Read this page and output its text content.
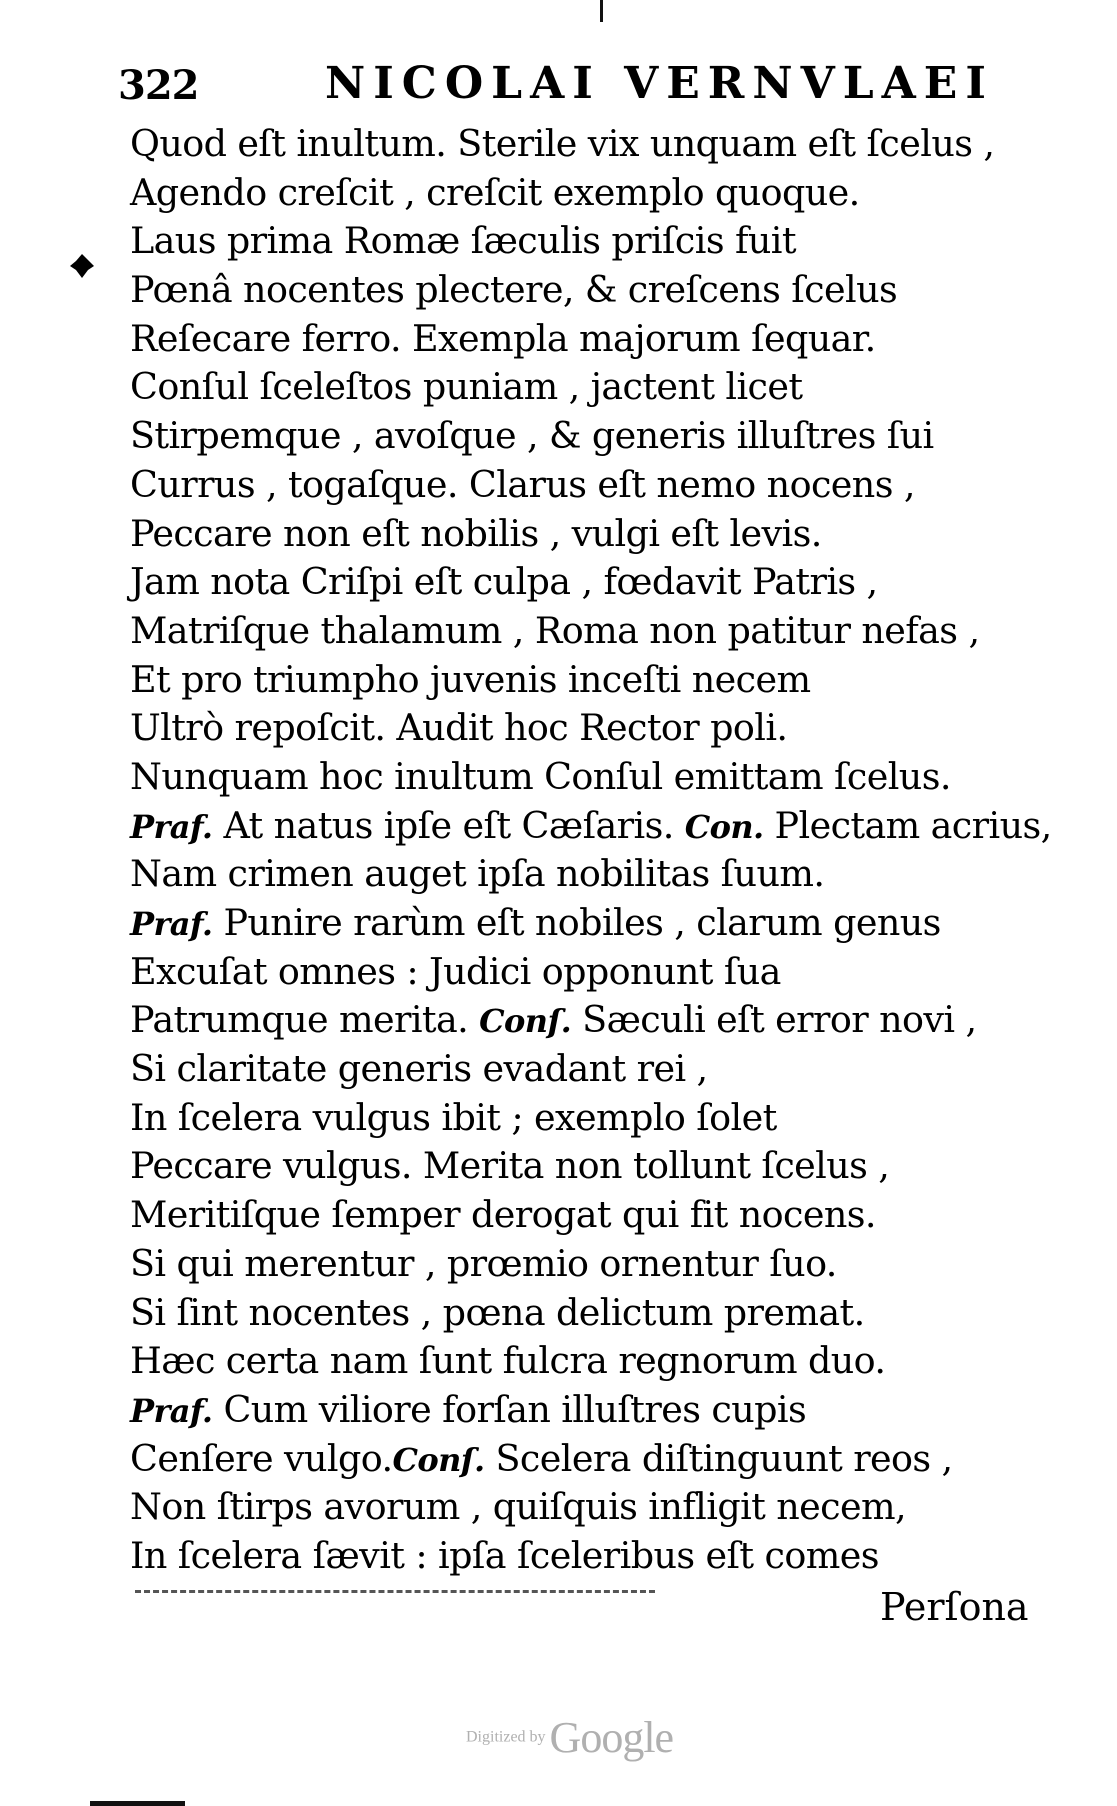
322	NICOLAI VERNVLAEI
Quod eſt inultum. Sterile vix unquam eſt ſcelus ,
Agendo creſcit , creſcit exemplo quoque.
Laus prima Romæ ſæculis priſcis fuit
Pœnâ nocentes plectere, & creſcens ſcelus
Reſecare ferro. Exempla majorum ſequar.
Conſul ſceleſtos puniam , jactent licet
Stirpemque , avoſque , & generis illuſtres ſui
Currus , togaſque. Clarus eſt nemo nocens ,
Peccare non eſt nobilis , vulgi eſt levis.
Jam nota Criſpi eſt culpa , fœdavit Patris ,
Matriſque thalamum , Roma non patitur nefas ,
Et pro triumpho juvenis inceſti necem
Ultrò repoſcit. Audit hoc Rector poli.
Nunquam hoc inultum Conſul emittam ſcelus.
Praf. At natus ipſe eſt Cæſaris. Con. Plectam acrius,
Nam crimen auget ipſa nobilitas ſuum.
Praf. Punire rarùm eſt nobiles , clarum genus
Excuſat omnes : Judici opponunt ſua
Patrumque merita. Conſ. Sæculi eſt error novi ,
Si claritate generis evadant rei ,
In ſcelera vulgus ibit ; exemplo ſolet
Peccare vulgus. Merita non tollunt ſcelus ,
Meritiſque ſemper derogat qui fit nocens.
Si qui merentur , prœmio ornentur ſuo.
Si ſint nocentes , pœna delictum premat.
Hæc certa nam ſunt fulcra regnorum duo.
Praf. Cum viliore forſan illuſtres cupis
Cenſere vulgo.Conſ. Scelera diſtinguunt reos ,
Non ſtirps avorum , quiſquis infligit necem,
In ſcelera ſævit : ipſa ſceleribus eſt comes
Perſona
Digitized by Google
